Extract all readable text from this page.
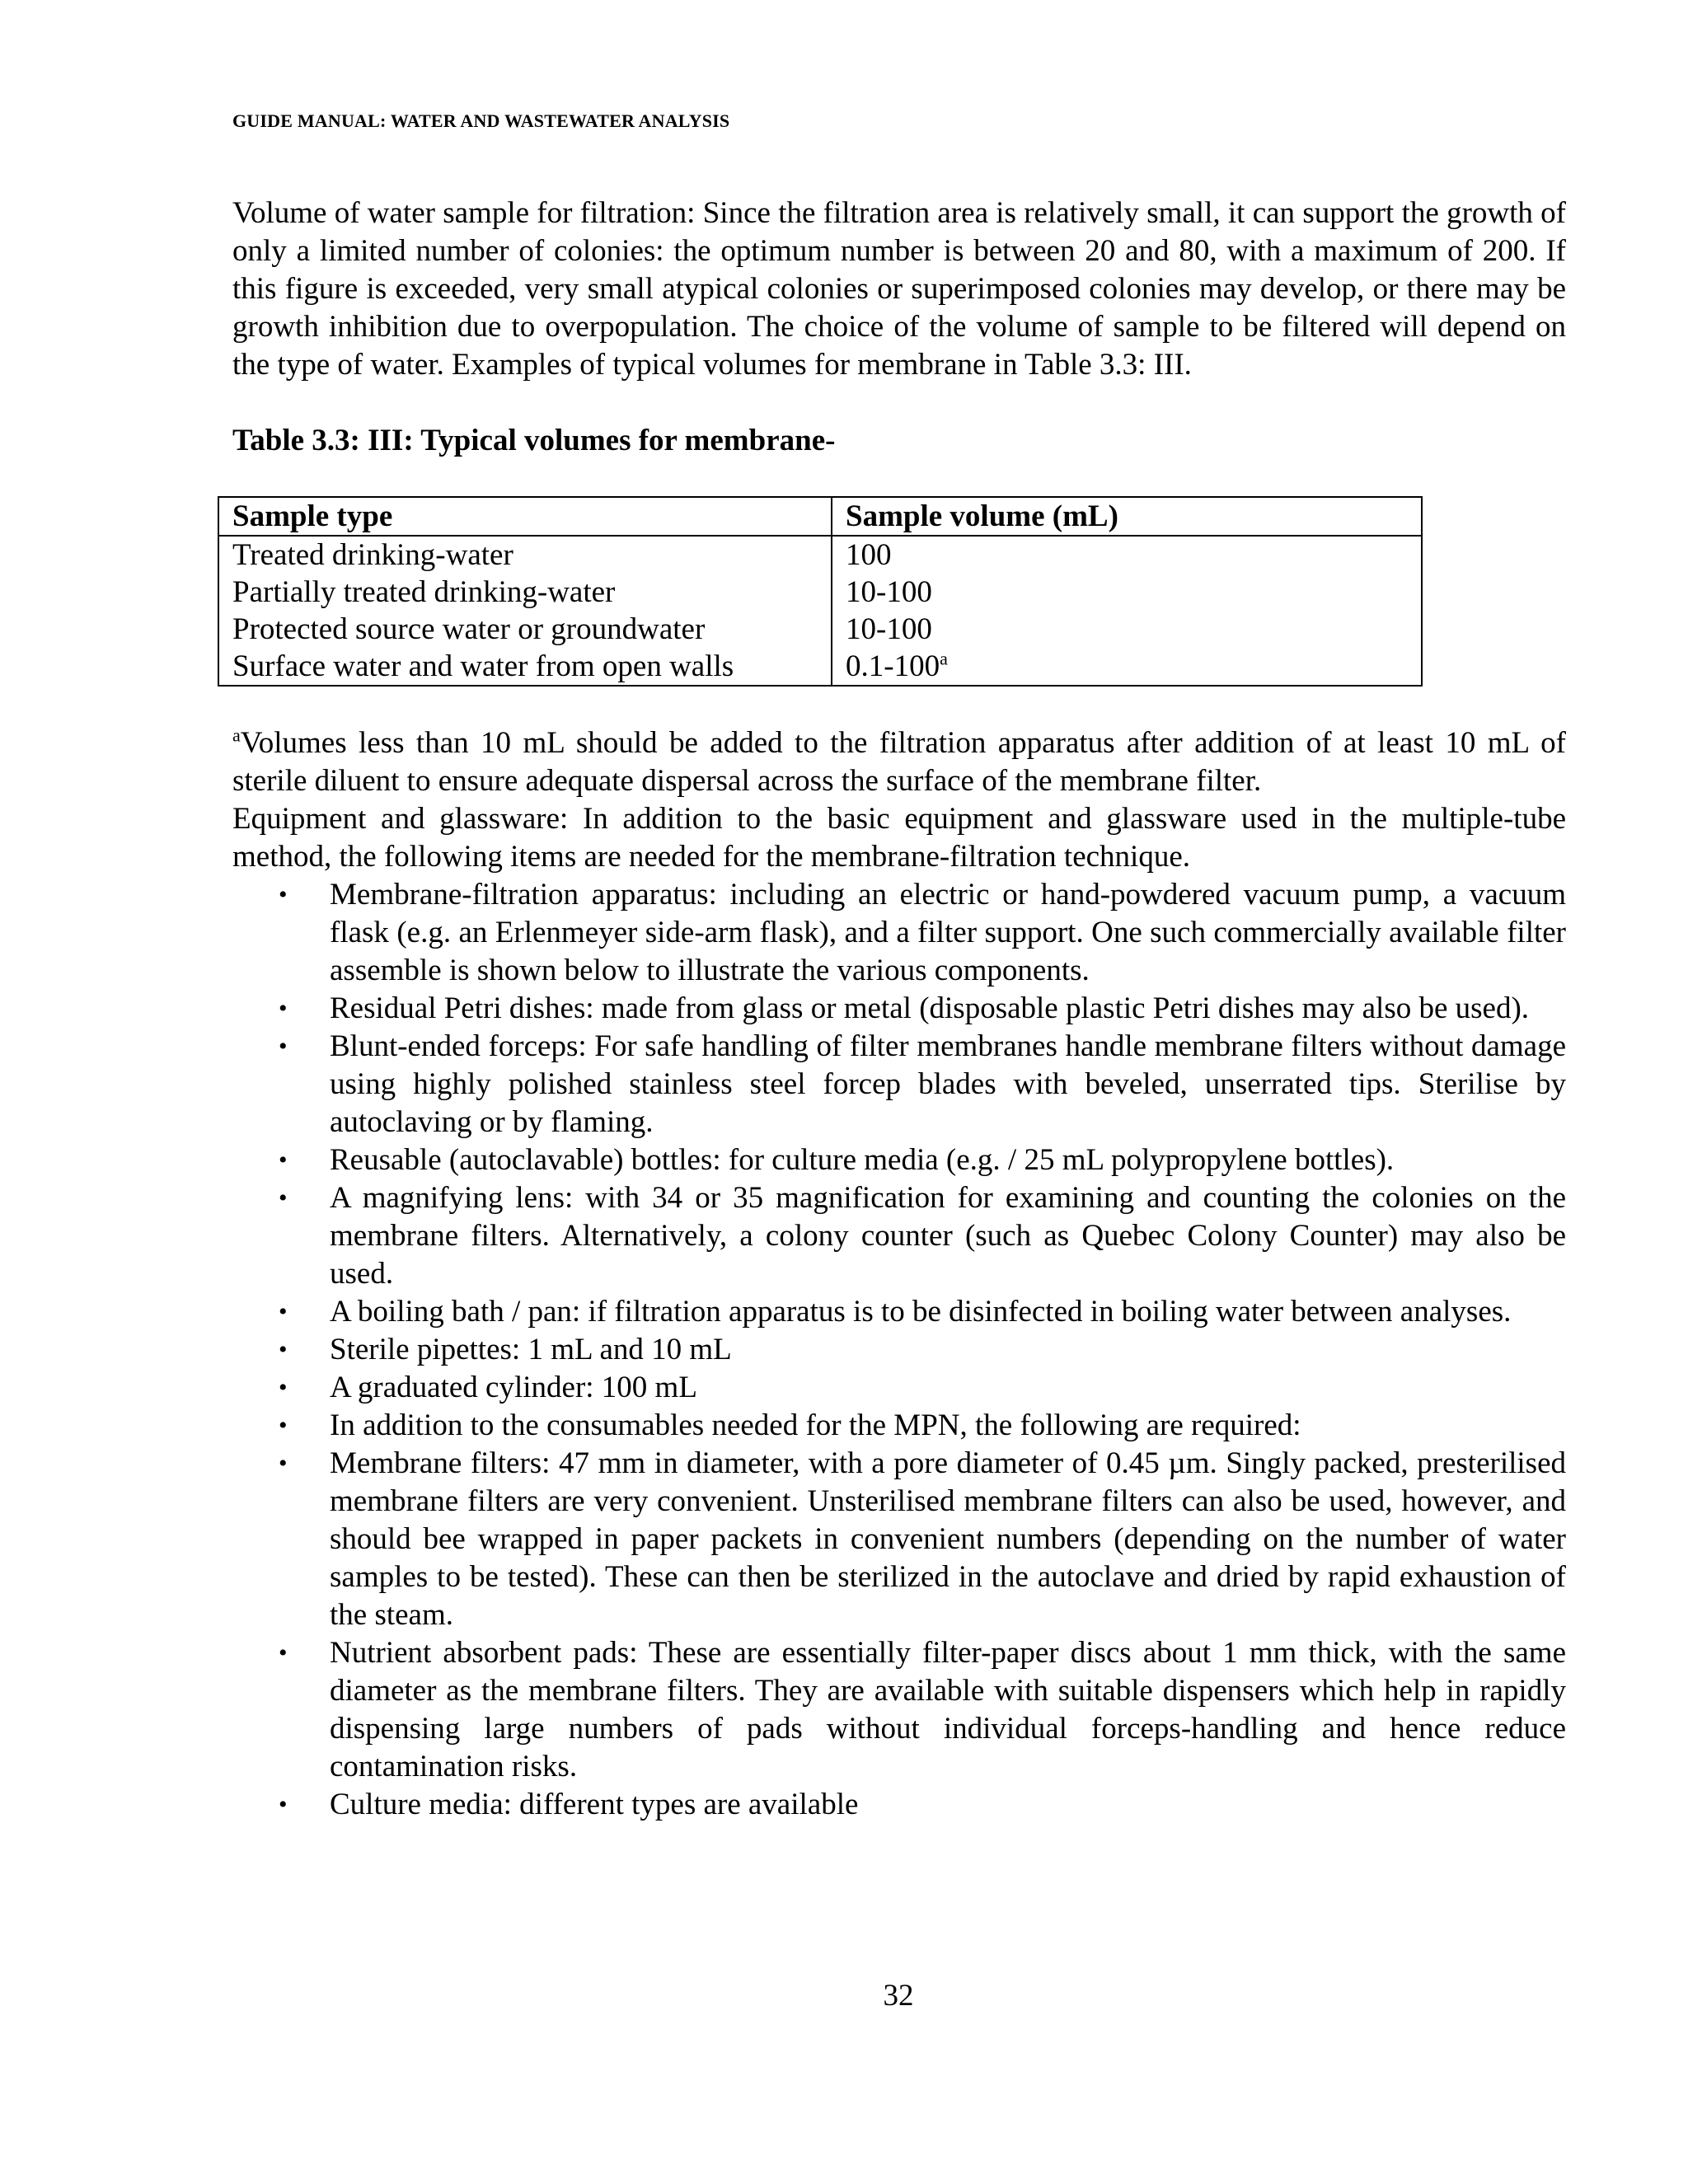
GUIDE MANUAL: WATER AND WASTEWATER ANALYSIS

Volume of water sample for filtration: Since the filtration area is relatively small, it can support the growth of only a limited number of colonies: the optimum number is between 20 and 80, with a maximum of 200. If this figure is exceeded, very small atypical colonies or superimposed colonies may develop, or there may be growth inhibition due to overpopulation. The choice of the volume of sample to be filtered will depend on the type of water. Examples of typical volumes for membrane in Table 3.3: III.

Table 3.3: III: Typical volumes for membrane-

Sample type	Sample volume (mL)
Treated drinking-water	100
Partially treated drinking-water	10-100
Protected source water or groundwater	10-100
Surface water and water from open walls	0.1-100$^a$

$^a$Volumes less than 10 mL should be added to the filtration apparatus after addition of at least 10 mL of sterile diluent to ensure adequate dispersal across the surface of the membrane filter.

Equipment and glassware: In addition to the basic equipment and glassware used in the multiple-tube method, the following items are needed for the membrane-filtration technique.

• Membrane-filtration apparatus: including an electric or hand-powdered vacuum pump, a vacuum flask (e.g. an Erlenmeyer side-arm flask), and a filter support. One such commercially available filter assemble is shown below to illustrate the various components.
• Residual Petri dishes: made from glass or metal (disposable plastic Petri dishes may also be used).
• Blunt-ended forceps: For safe handling of filter membranes handle membrane filters without damage using highly polished stainless steel forcep blades with beveled, unserrated tips. Sterilise by autoclaving or by flaming.
• Reusable (autoclavable) bottles: for culture media (e.g. / 25 mL polypropylene bottles).
• A magnifying lens: with 34 or 35 magnification for examining and counting the colonies on the membrane filters. Alternatively, a colony counter (such as Quebec Colony Counter) may also be used.
• A boiling bath / pan: if filtration apparatus is to be disinfected in boiling water between analyses.
• Sterile pipettes: 1 mL and 10 mL
• A graduated cylinder: 100 mL
• In addition to the consumables needed for the MPN, the following are required:
• Membrane filters: 47 mm in diameter, with a pore diameter of 0.45 µm. Singly packed, presterilised membrane filters are very convenient. Unsterilised membrane filters can also be used, however, and should bee wrapped in paper packets in convenient numbers (depending on the number of water samples to be tested). These can then be sterilized in the autoclave and dried by rapid exhaustion of the steam.
• Nutrient absorbent pads: These are essentially filter-paper discs about 1 mm thick, with the same diameter as the membrane filters. They are available with suitable dispensers which help in rapidly dispensing large numbers of pads without individual forceps-handling and hence reduce contamination risks.
• Culture media: different types are available
32
